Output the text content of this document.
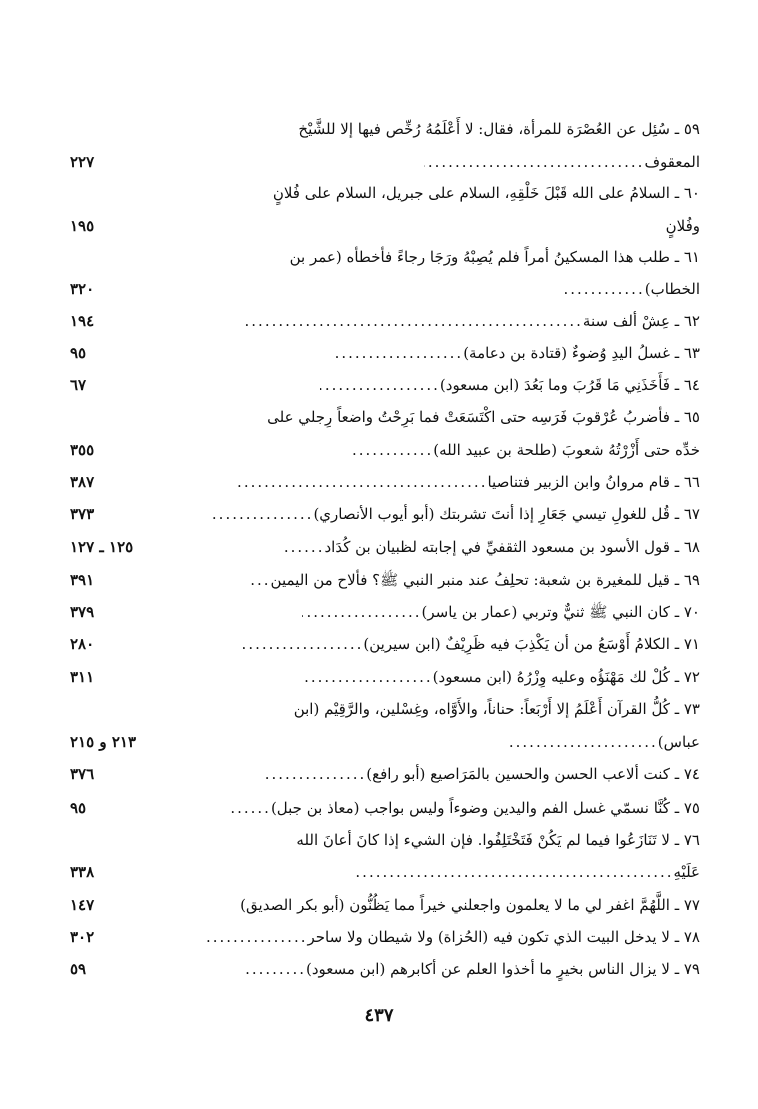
٥٩ ـ سُئِل عن العُصْرَة للمرأة، فقال: لا أَعْلَمُهُ رُخِّص فيها إلا للشَّيْخ
٢٢٧	المعقوف.....
٦٠ ـ السلامُ على الله قَبْلَ خَلْقِهِ، السلام على جبريل، السلام على فُلانٍ
١٩٥	وفُلانٍ
٦١ ـ طلب هذا المسكينُ أمراً فلم يُصِبْهُ ورَجَا رجاءً فأخطأه (عمر بن
٣٢٠	الخطاب).....
١٩٤	٦٢ ـ عِشْ ألف سنة.....
٩٥	٦٣ ـ غسلُ اليدِ وُضوءٌ (قتادة بن دعامة).....
٦٧	٦٤ ـ فَأَخَذَنِي مَا قَرُبَ وما بَعُدَ (ابن مسعود).....
٦٥ ـ فأضربُ عُرْقوبَ فَرَسِه حتى اكْتَسَعَتْ فما بَرِحْتُ واضعاً رِجلي على
٣٥٥	خدِّه حتى أَزْرْتُهُ شعوبَ (طلحة بن عبيد الله).....
٣٨٧	٦٦ ـ قام مروانُ وابن الزبير فتناصيا.....
٣٧٣	٦٧ ـ قُل للغولِ تيسي جَعَارِ إذا أنتَ تشربتك (أبو أيوب الأنصاري).....
١٢٥ ـ ١٢٧	٦٨ ـ قول الأسود بن مسعود الثقفيِّ في إجابته لظبيان بن كُدَاد.....
٣٩١	٦٩ ـ قيل للمغيرة بن شعبة: تحلِفُ عند منبر النبي ﷺ؟ فألاح من اليمين.....
٣٧٩	٧٠ ـ كان النبي ﷺ ثنيٌّ وتربي (عمار بن ياسر).....
٢٨٠	٧١ ـ الكلامُ أَوْسَعُ من أن يَكْذِبَ فيه ظَرِيْفٌ (ابن سيرين).....
٣١١	٧٢ ـ كُلْ لك مَهْنَؤُه وعليه وِزْرُهُ (ابن مسعود).....
٧٣ ـ كُلُّ القرآن أَعْلَمُ إلا أَرْبَعاً: حناناً، والأَوَّاه، وغِسْلين، والرَّقِيْم (ابن
٢١٣ و ٢١٥	عباس).....
٣٧٦	٧٤ ـ كنت ألاعب الحسن والحسين بالمَرَاصيع (أبو رافع).....
٩٥	٧٥ ـ كُنَّا نسمّي غسل الفم واليدين وضوءاً وليس بواجب (معاذ بن جبل).....
٧٦ ـ لا تَنَازَعُوا فيما لم يَكُنْ فَتَخْتَلِفُوا. فإن الشيء إذا كانَ أعانَ الله
٣٣٨	عَلَيْهِ.....
١٤٧	٧٧ ـ اللَّهُمَّ اغفر لي ما لا يعلمون واجعلني خيراً مما يَظُنُّون (أبو بكر الصديق)
٣٠٢	٧٨ ـ لا يدخل البيت الذي تكون فيه (الحُزاة) ولا شيطان ولا ساحر.....
٥٩	٧٩ ـ لا يزال الناس بخيرٍ ما أخذوا العلم عن أكابرهم (ابن مسعود).....
٤٣٧
